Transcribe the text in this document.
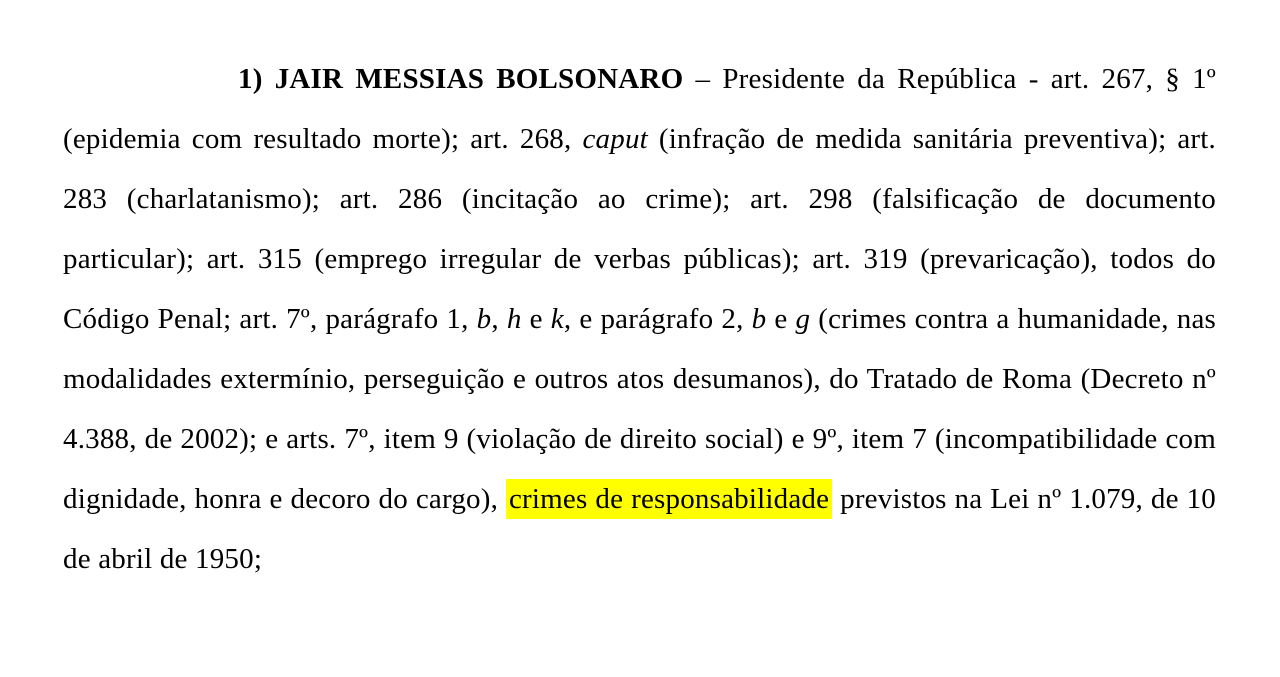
1) JAIR MESSIAS BOLSONARO – Presidente da República - art. 267, § 1º (epidemia com resultado morte); art. 268, caput (infração de medida sanitária preventiva); art. 283 (charlatanismo); art. 286 (incitação ao crime); art. 298 (falsificação de documento particular); art. 315 (emprego irregular de verbas públicas); art. 319 (prevaricação), todos do Código Penal; art. 7º, parágrafo 1, b, h e k, e parágrafo 2, b e g (crimes contra a humanidade, nas modalidades extermínio, perseguição e outros atos desumanos), do Tratado de Roma (Decreto nº 4.388, de 2002); e arts. 7º, item 9 (violação de direito social) e 9º, item 7 (incompatibilidade com dignidade, honra e decoro do cargo), crimes de responsabilidade previstos na Lei nº 1.079, de 10 de abril de 1950;
